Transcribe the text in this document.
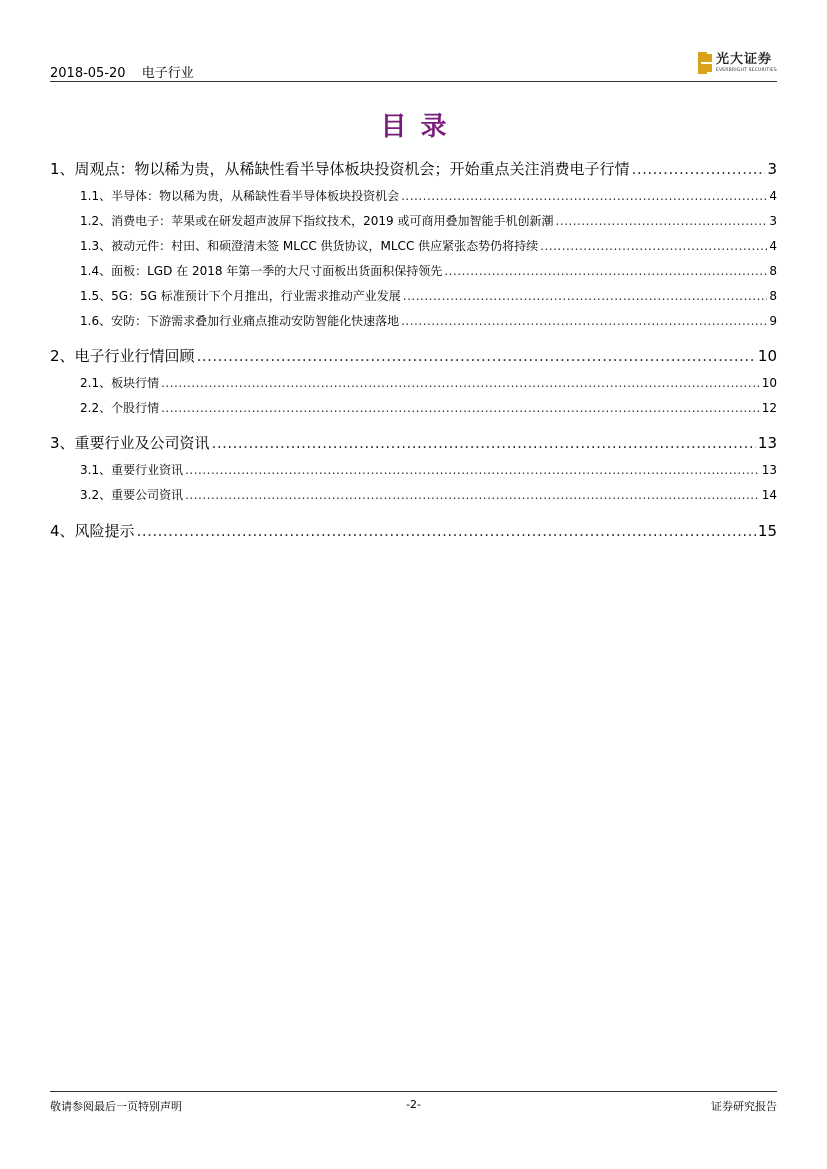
2018-05-20 电子行业
光大证券
EVERBRIGHT SECURITIES
目录
1、 周观点：物以稀为贵，从稀缺性看半导体板块投资机会；开始重点关注消费电子行情 .....	3
1.1、 半导体：物以稀为贵，从稀缺性看半导体板块投资机会 .....	4
1.2、 消费电子：苹果或在研发超声波屏下指纹技术，2019 或可商用叠加智能手机创新潮 .....	3
1.3、 被动元件：村田、和硕澄清未签 MLCC 供货协议，MLCC 供应紧张态势仍将持续 .....	4
1.4、 面板：LGD 在 2018 年第一季的大尺寸面板出货面积保持领先 .....	8
1.5、 5G：5G 标准预计下个月推出，行业需求推动产业发展 .....	8
1.6、 安防：下游需求叠加行业痛点推动安防智能化快速落地 .....	9
2、 电子行业行情回顾 .....	10
2.1、 板块行情 .....	10
2.2、 个股行情 .....	12
3、 重要行业及公司资讯 .....	13
3.1、 重要行业资讯 .....	13
3.2、 重要公司资讯 .....	14
4、 风险提示 .....	15
敬请参阅最后一页特别声明	-2-	证券研究报告
